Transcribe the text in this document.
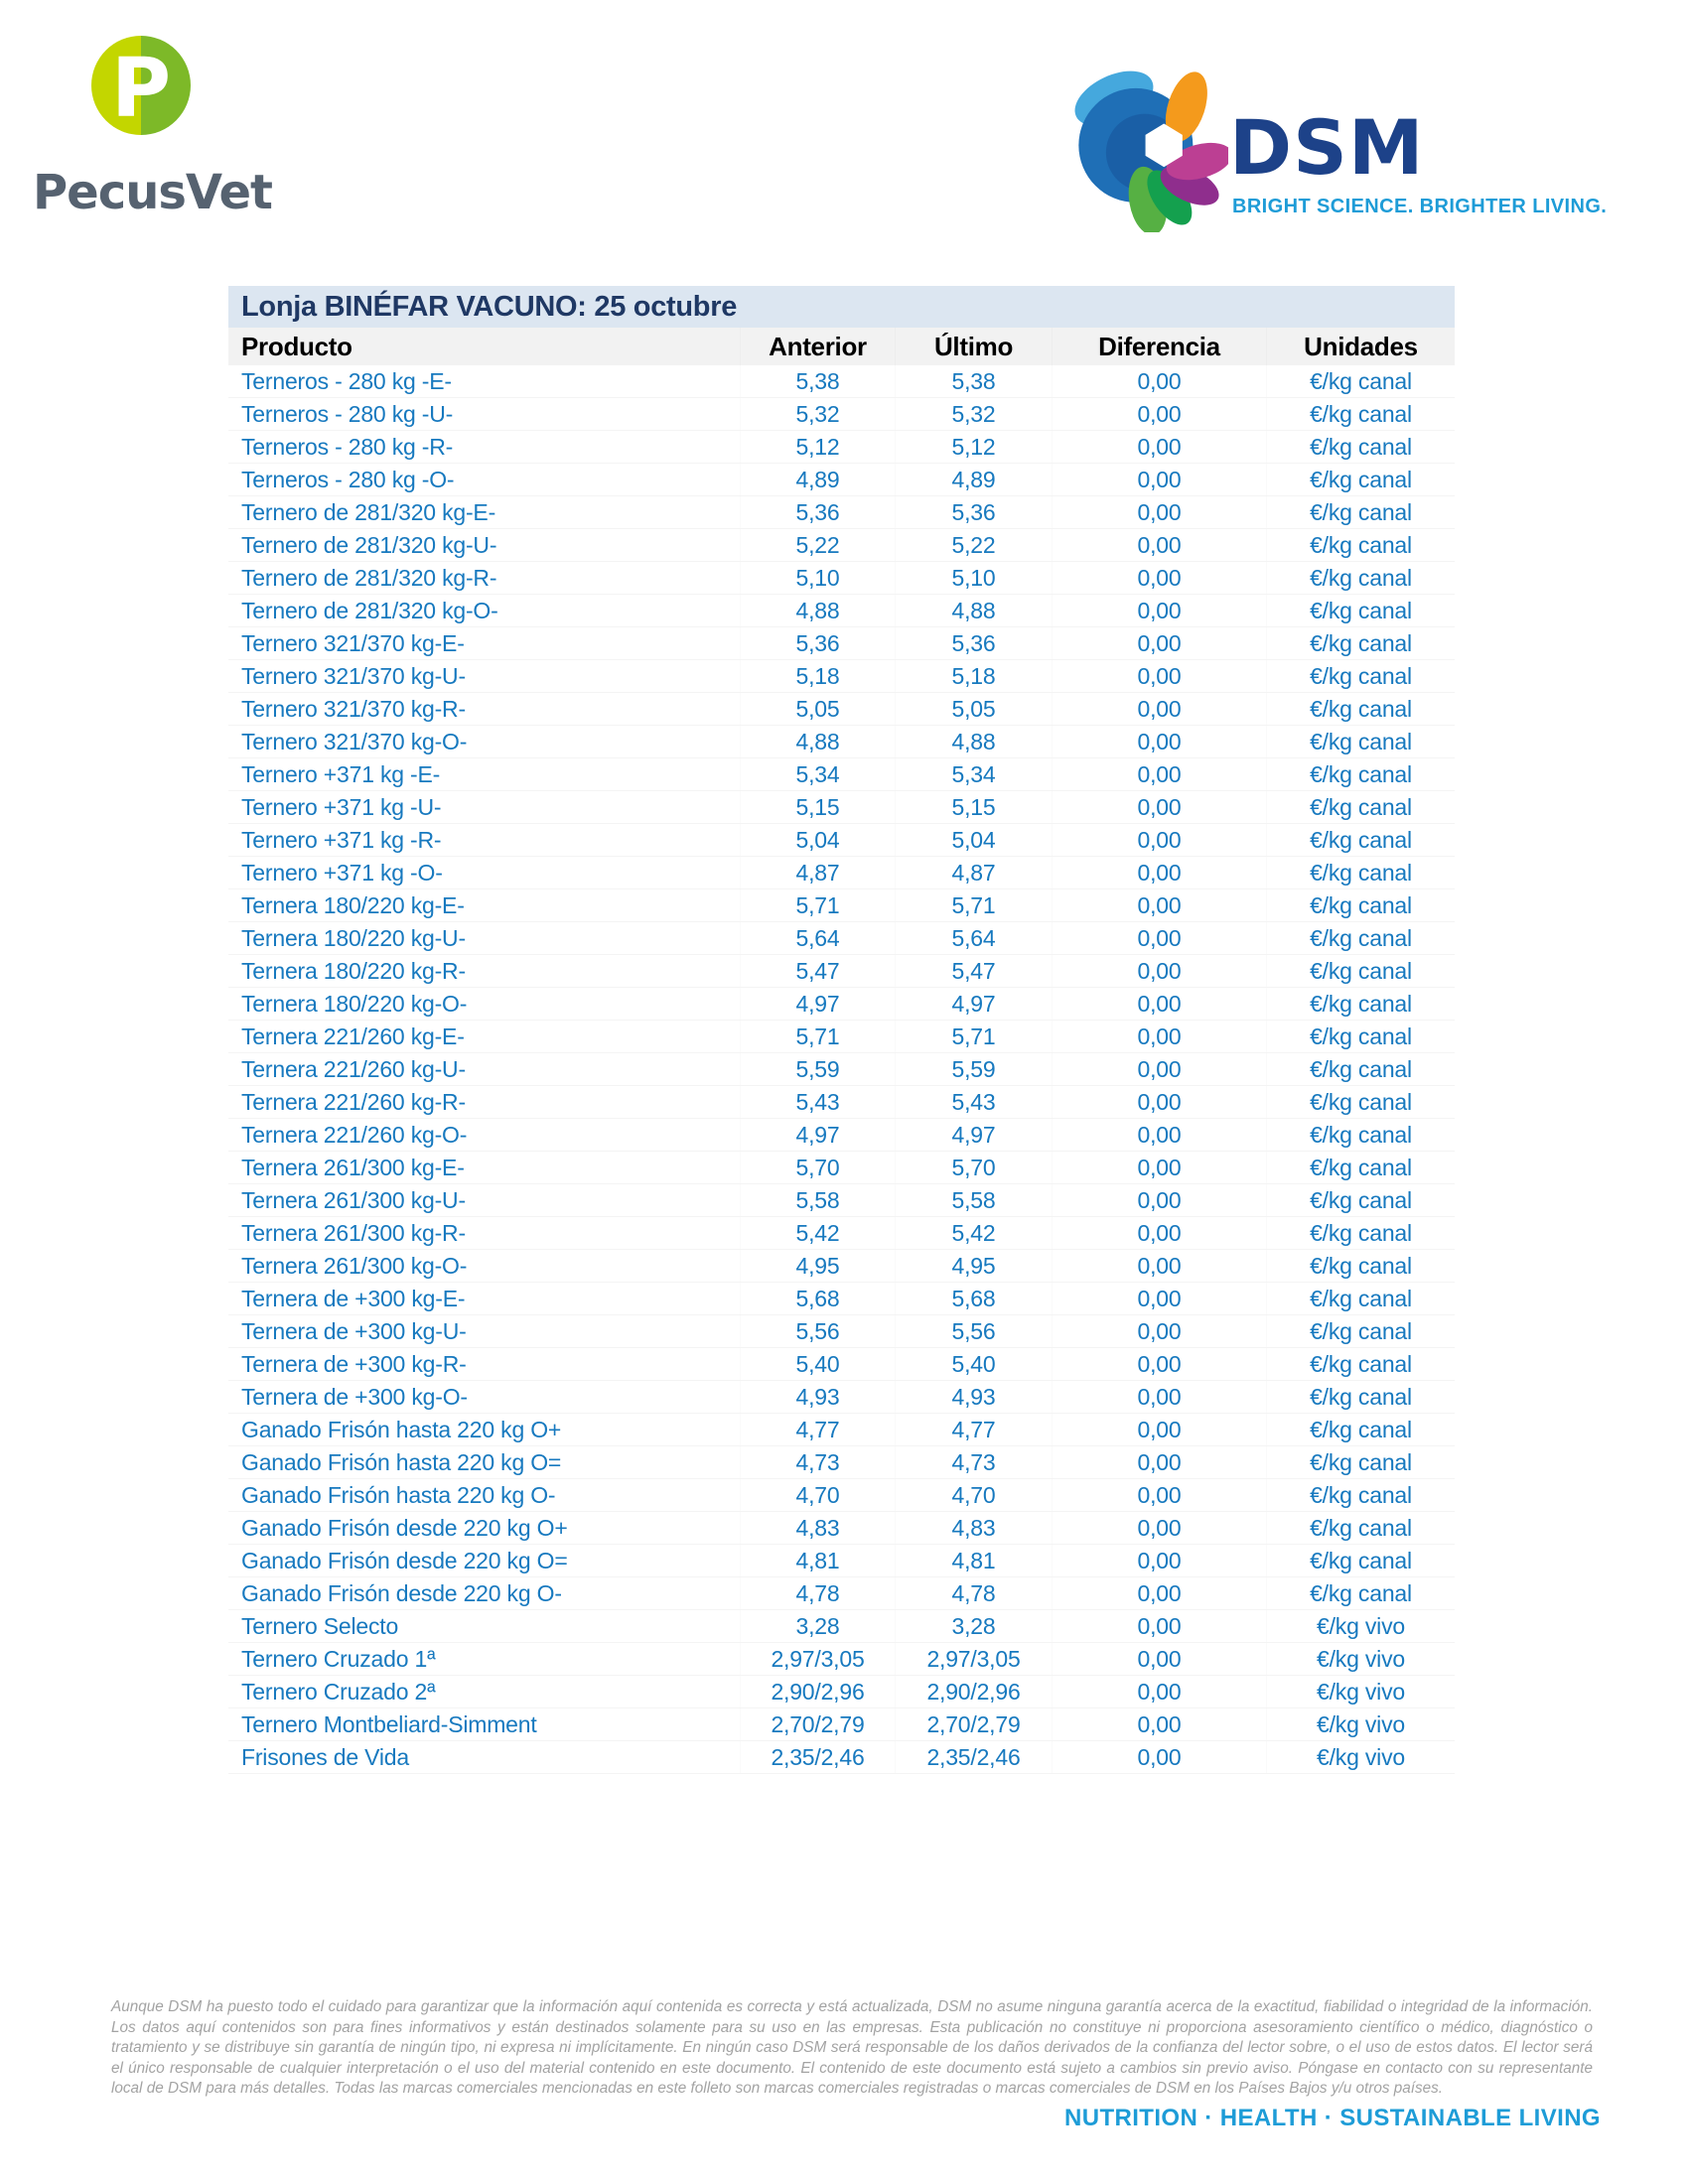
P
PecusVet
DSM
BRIGHT SCIENCE. BRIGHTER LIVING.
Lonja BINÉFAR VACUNO: 25 octubre
Producto	Anterior	Último	Diferencia	Unidades
Terneros - 280 kg -E-	5,38	5,38	0,00	€/kg canal
Terneros - 280 kg -U-	5,32	5,32	0,00	€/kg canal
Terneros - 280 kg -R-	5,12	5,12	0,00	€/kg canal
Terneros - 280 kg -O-	4,89	4,89	0,00	€/kg canal
Ternero de 281/320 kg-E-	5,36	5,36	0,00	€/kg canal
Ternero de 281/320 kg-U-	5,22	5,22	0,00	€/kg canal
Ternero de 281/320 kg-R-	5,10	5,10	0,00	€/kg canal
Ternero de 281/320 kg-O-	4,88	4,88	0,00	€/kg canal
Ternero 321/370 kg-E-	5,36	5,36	0,00	€/kg canal
Ternero 321/370 kg-U-	5,18	5,18	0,00	€/kg canal
Ternero 321/370 kg-R-	5,05	5,05	0,00	€/kg canal
Ternero 321/370 kg-O-	4,88	4,88	0,00	€/kg canal
Ternero +371 kg -E-	5,34	5,34	0,00	€/kg canal
Ternero +371 kg -U-	5,15	5,15	0,00	€/kg canal
Ternero +371 kg -R-	5,04	5,04	0,00	€/kg canal
Ternero +371 kg -O-	4,87	4,87	0,00	€/kg canal
Ternera 180/220 kg-E-	5,71	5,71	0,00	€/kg canal
Ternera 180/220 kg-U-	5,64	5,64	0,00	€/kg canal
Ternera 180/220 kg-R-	5,47	5,47	0,00	€/kg canal
Ternera 180/220 kg-O-	4,97	4,97	0,00	€/kg canal
Ternera 221/260 kg-E-	5,71	5,71	0,00	€/kg canal
Ternera 221/260 kg-U-	5,59	5,59	0,00	€/kg canal
Ternera 221/260 kg-R-	5,43	5,43	0,00	€/kg canal
Ternera 221/260 kg-O-	4,97	4,97	0,00	€/kg canal
Ternera 261/300 kg-E-	5,70	5,70	0,00	€/kg canal
Ternera 261/300 kg-U-	5,58	5,58	0,00	€/kg canal
Ternera 261/300 kg-R-	5,42	5,42	0,00	€/kg canal
Ternera 261/300 kg-O-	4,95	4,95	0,00	€/kg canal
Ternera de +300 kg-E-	5,68	5,68	0,00	€/kg canal
Ternera de +300 kg-U-	5,56	5,56	0,00	€/kg canal
Ternera de +300 kg-R-	5,40	5,40	0,00	€/kg canal
Ternera de +300 kg-O-	4,93	4,93	0,00	€/kg canal
Ganado Frisón hasta 220 kg O+	4,77	4,77	0,00	€/kg canal
Ganado Frisón hasta 220 kg O=	4,73	4,73	0,00	€/kg canal
Ganado Frisón hasta 220 kg O-	4,70	4,70	0,00	€/kg canal
Ganado Frisón desde 220 kg O+	4,83	4,83	0,00	€/kg canal
Ganado Frisón desde 220 kg O=	4,81	4,81	0,00	€/kg canal
Ganado Frisón desde 220 kg O-	4,78	4,78	0,00	€/kg canal
Ternero Selecto	3,28	3,28	0,00	€/kg vivo
Ternero Cruzado 1ª	2,97/3,05	2,97/3,05	0,00	€/kg vivo
Ternero Cruzado 2ª	2,90/2,96	2,90/2,96	0,00	€/kg vivo
Ternero Montbeliard-Simment	2,70/2,79	2,70/2,79	0,00	€/kg vivo
Frisones de Vida	2,35/2,46	2,35/2,46	0,00	€/kg vivo
Aunque DSM ha puesto todo el cuidado para garantizar que la información aquí contenida es correcta y está actualizada, DSM no asume ninguna garantía acerca de la exactitud, fiabilidad o integridad de la información. Los datos aquí contenidos son para fines informativos y están destinados solamente para su uso en las empresas. Esta publicación no constituye ni proporciona asesoramiento científico o médico, diagnóstico o tratamiento y se distribuye sin garantía de ningún tipo, ni expresa ni implícitamente. En ningún caso DSM será responsable de los daños derivados de la confianza del lector sobre, o el uso de estos datos. El lector será el único responsable de cualquier interpretación o el uso del material contenido en este documento. El contenido de este documento está sujeto a cambios sin previo aviso. Póngase en contacto con su representante local de DSM para más detalles. Todas las marcas comerciales mencionadas en este folleto son marcas comerciales registradas o marcas comerciales de DSM en los Países Bajos y/u otros países.
NUTRITION · HEALTH · SUSTAINABLE LIVING
